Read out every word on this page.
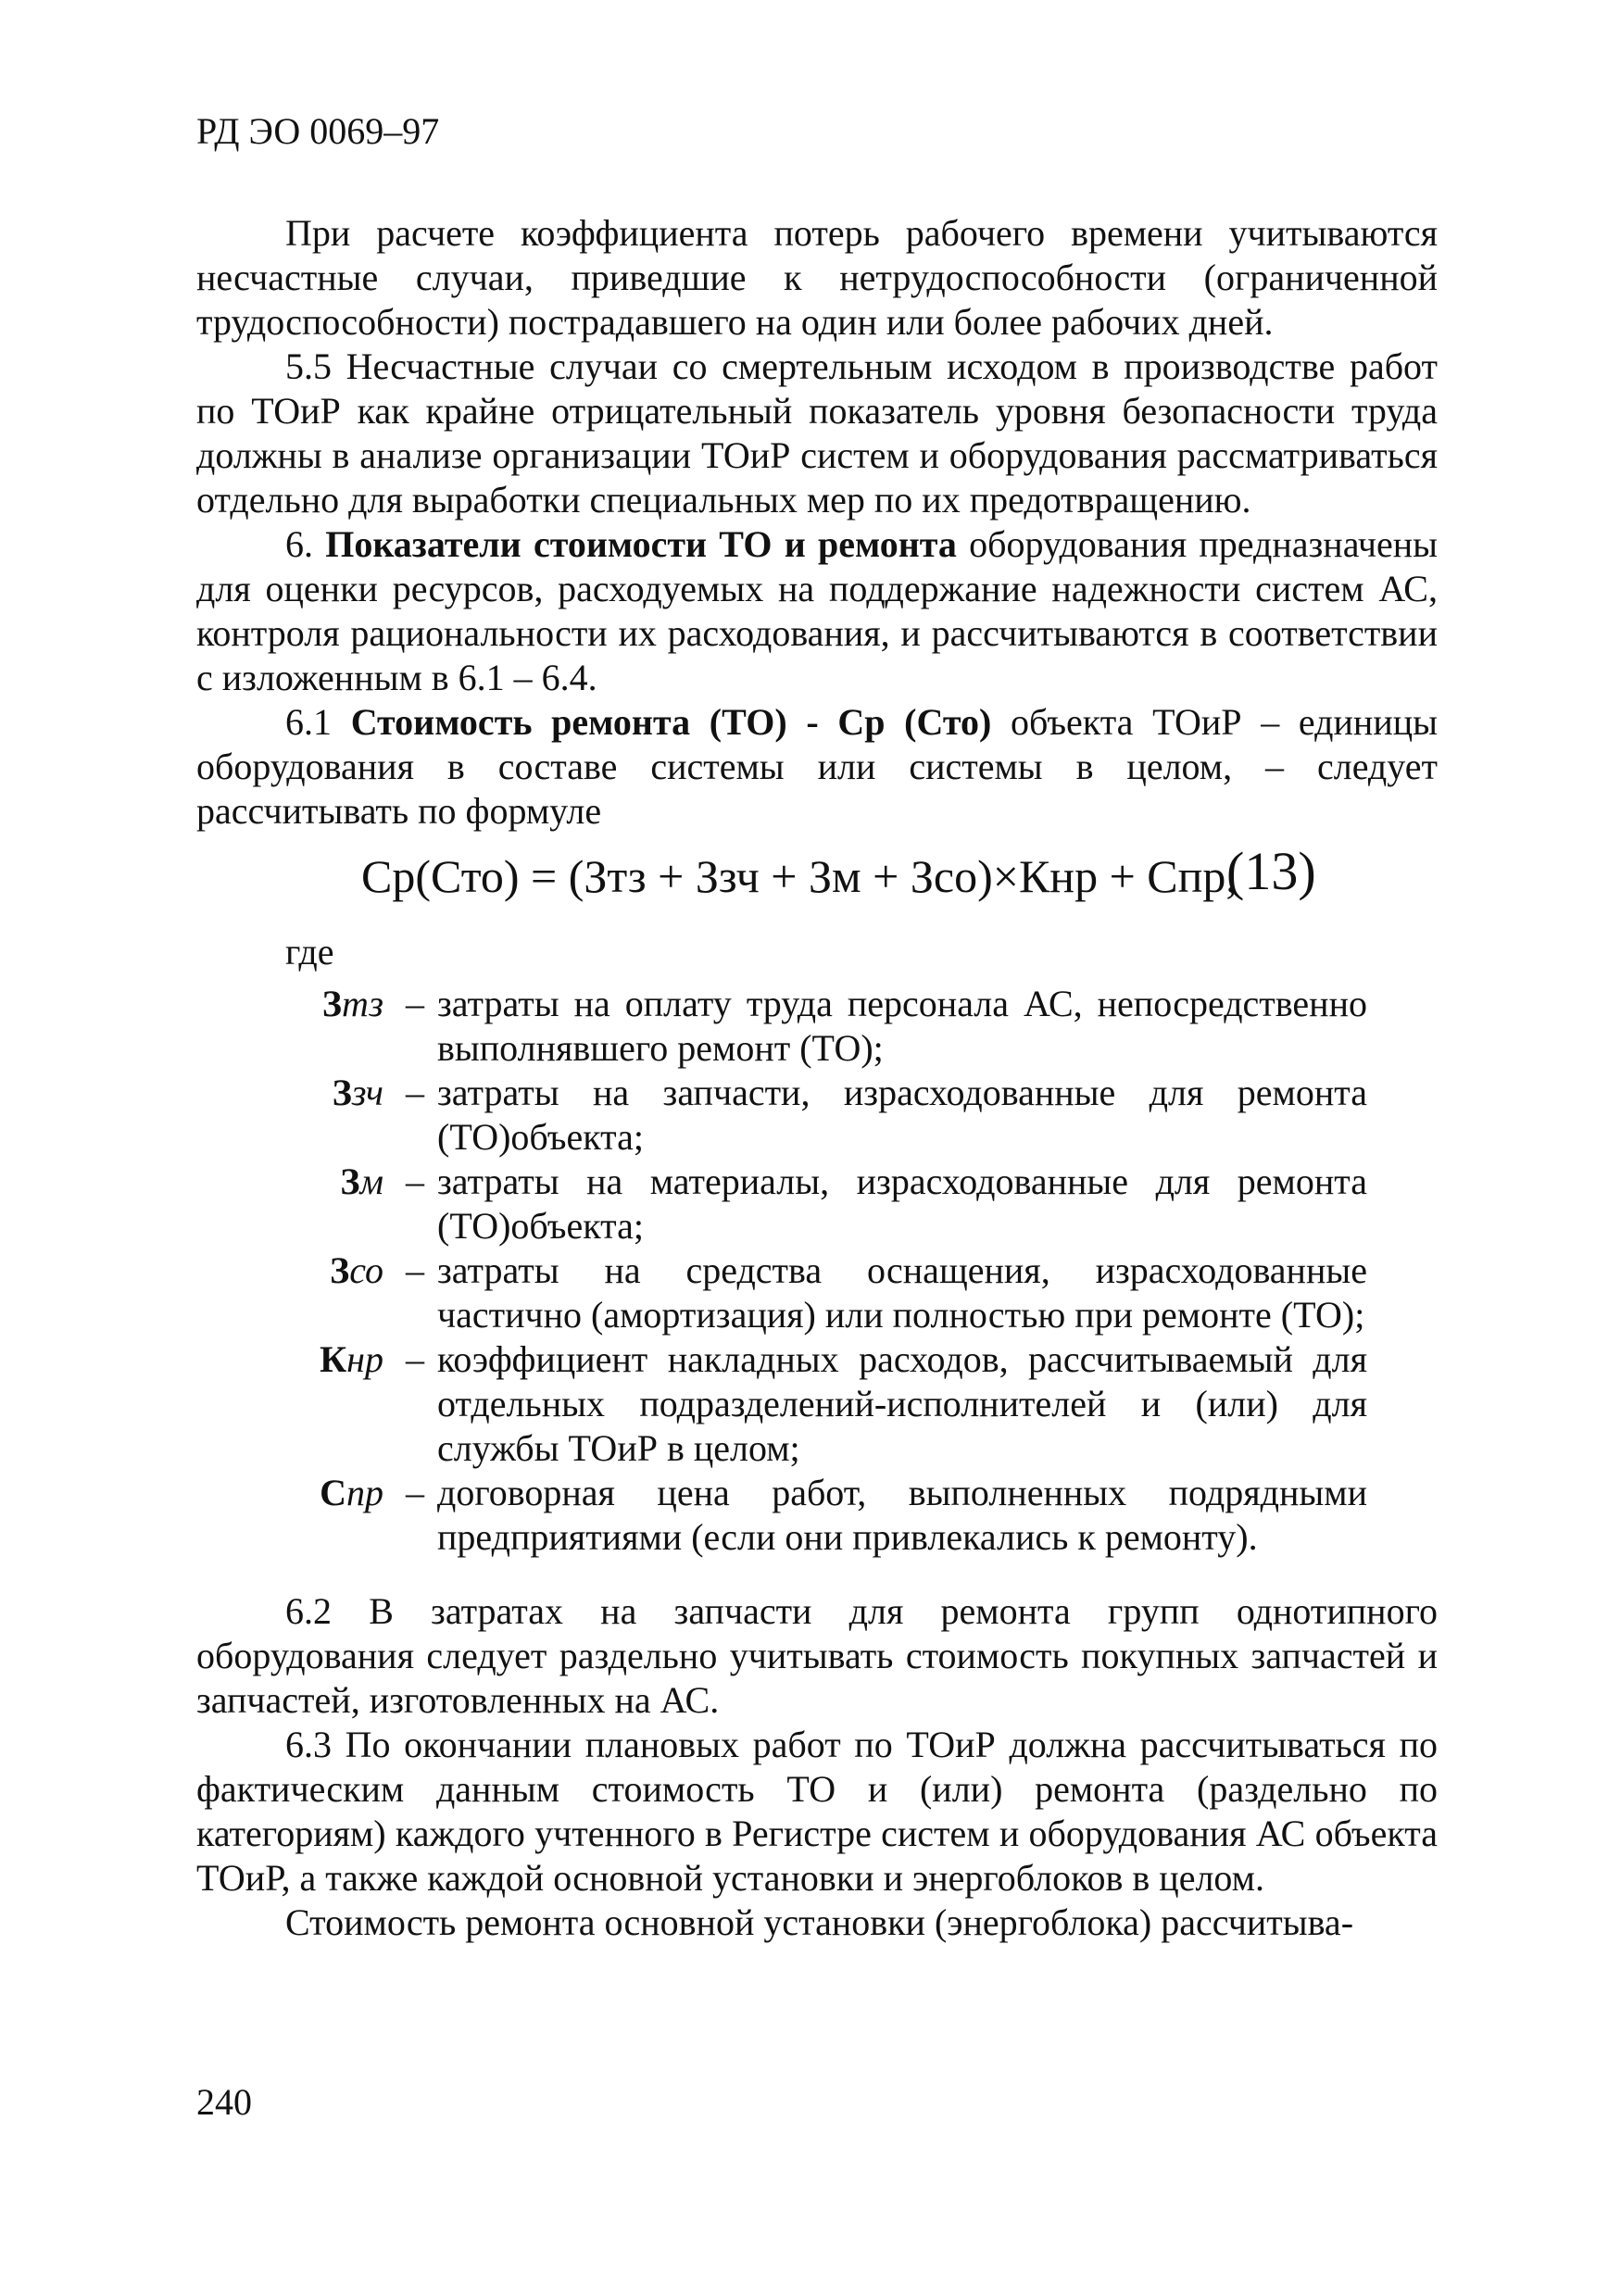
РД ЭО 0069–97

При расчете коэффициента потерь рабочего времени учитываются несчастные случаи, приведшие к нетрудоспособности (ограниченной трудоспособности) пострадавшего на один или более рабочих дней.

5.5 Несчастные случаи со смертельным исходом в производстве работ по ТОиР как крайне отрицательный показатель уровня безопасности труда должны в анализе организации ТОиР систем и оборудования рассматриваться отдельно для выработки специальных мер по их предотвращению.

6. Показатели стоимости ТО и ремонта оборудования предназначены для оценки ресурсов, расходуемых на поддержание надежности систем АС, контроля рациональности их расходования, и рассчитываются в соответствии с изложенным в 6.1 – 6.4.

6.1 Стоимость ремонта (ТО) - Ср (Сто) объекта ТОиР – единицы оборудования в составе системы или системы в целом, – следует рассчитывать по формуле

Ср(Сто) = (Зтз + Ззч + Зм + Зсо)×Кнр + Спр,
(13)
где
Зтз – затраты на оплату труда персонала АС, непосредственно выполнявшего ремонт (ТО);
Ззч – затраты на запчасти, израсходованные для ремонта (ТО)объекта;
Зм – затраты на материалы, израсходованные для ремонта (ТО)объекта;
Зсо – затраты на средства оснащения, израсходованные частично (амортизация) или полностью при ремонте (ТО);
Кнр – коэффициент накладных расходов, рассчитываемый для отдельных подразделений-исполнителей и (или) для службы ТОиР в целом;
Спр – договорная цена работ, выполненных подрядными предприятиями (если они привлекались к ремонту).

6.2 В затратах на запчасти для ремонта групп однотипного оборудования следует раздельно учитывать стоимость покупных запчастей и запчастей, изготовленных на АС.

6.3 По окончании плановых работ по ТОиР должна рассчитываться по фактическим данным стоимость ТО и (или) ремонта (раздельно по категориям) каждого учтенного в Регистре систем и оборудования АС объекта ТОиР, а также каждой основной установки и энергоблоков в целом.

Стоимость ремонта основной установки (энергоблока) рассчитыва-

240
